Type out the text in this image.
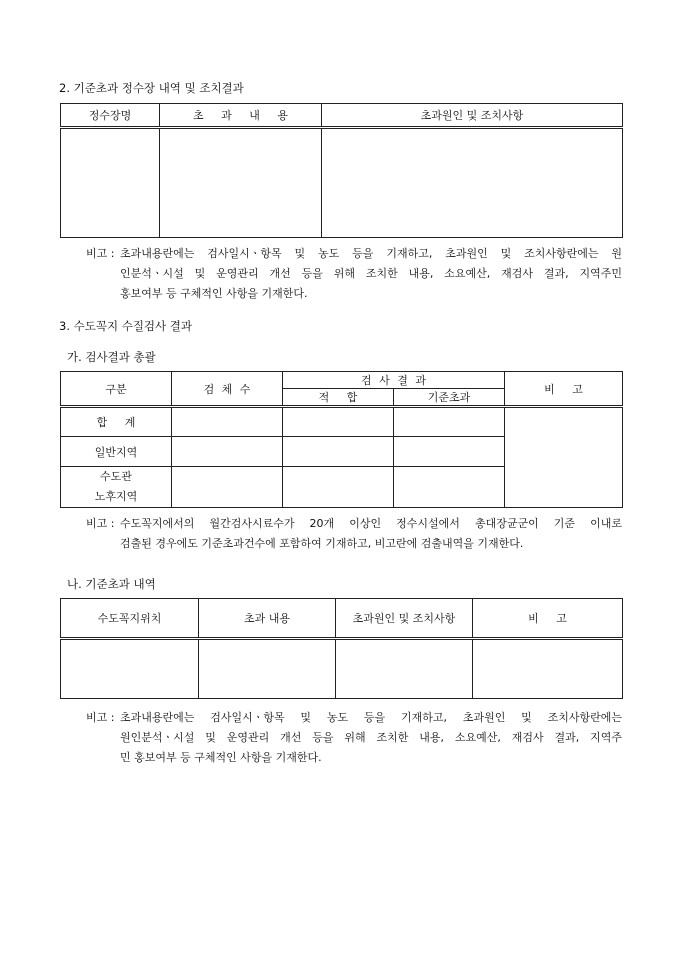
2. 기준초과 정수장 내역 및 조치결과
정수장명	초 과 내 용	초과원인 및 조치사항

비고 : 초과내용란에는 검사일시ㆍ항목 및 농도 등을 기재하고, 초과원인 및 조치사항란에는 원
인분석ㆍ시설 및 운영관리 개선 등을 위해 조치한 내용, 소요예산, 재검사 결과, 지역주민
홍보여부 등 구체적인 사항을 기재한다.
3. 수도꼭지 수질검사 결과
가. 검사결과 총괄
구분	검 체 수	검 사 결 과		비 고
		적 합	기준초과	
합 계				
일반지역				

수도관
노후지역				

비고 : 수도꼭지에서의 월간검사시료수가 20개 이상인 정수시설에서 총대장균군이 기준 이내로
검출된 경우에도 기준초과건수에 포함하여 기재하고, 비고란에 검출내역을 기재한다.
나. 기준초과 내역
수도꼭지위치	초과 내용	초과원인 및 조치사항	비 고

비고 : 초과내용란에는 검사일시ㆍ항목 및 농도 등을 기재하고, 초과원인 및 조치사항란에는
원인분석ㆍ시설 및 운영관리 개선 등을 위해 조치한 내용, 소요예산, 재검사 결과, 지역주
민 홍보여부 등 구체적인 사항을 기재한다.
